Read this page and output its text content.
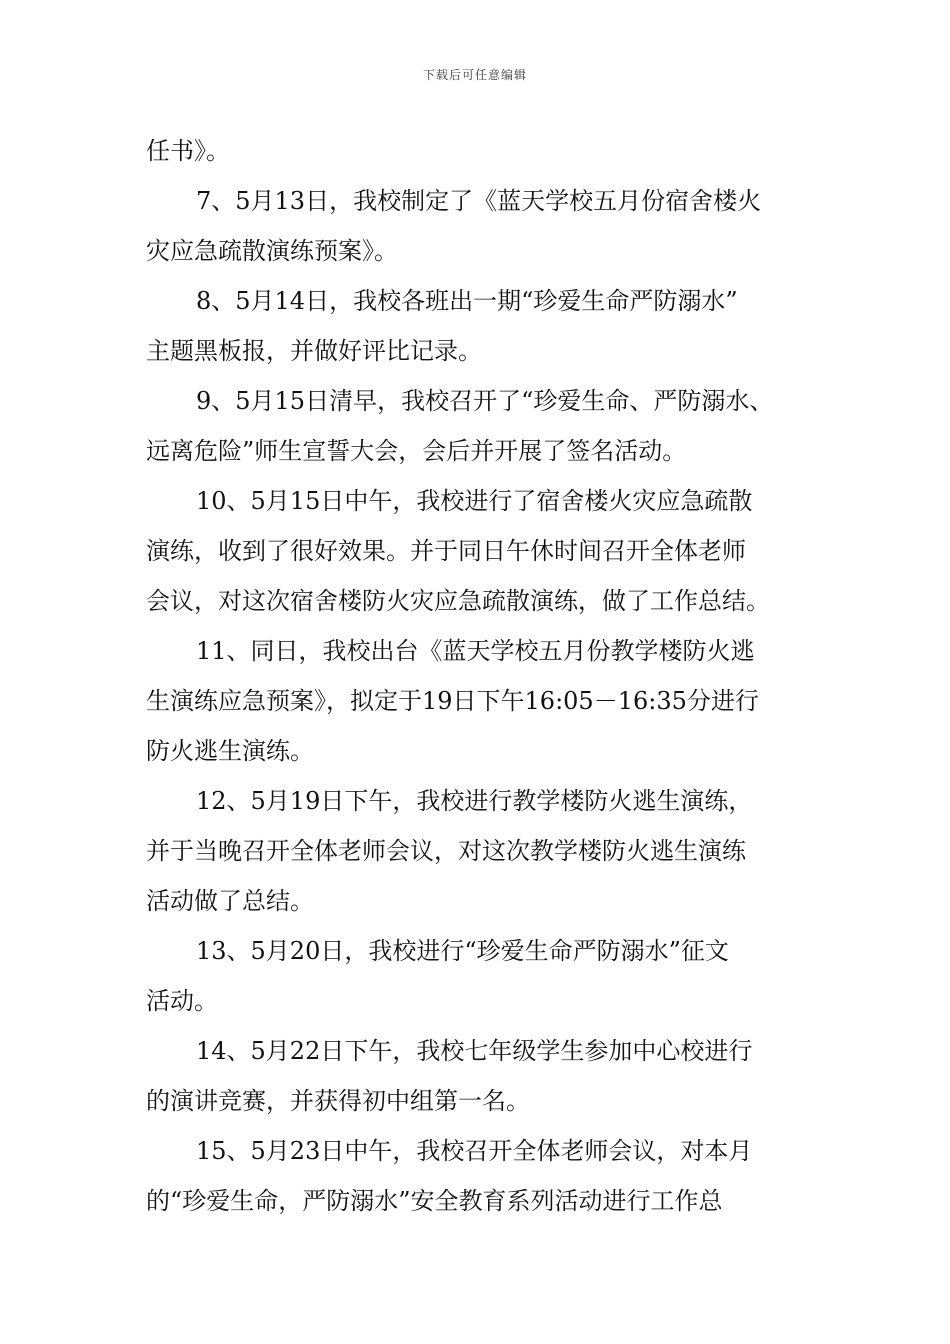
下载后可任意编辑
任书》。
7、5月13日，我校制定了《蓝天学校五月份宿舍楼火
灾应急疏散演练预案》。
8、5月14日，我校各班出一期“珍爱生命严防溺水”
主题黑板报，并做好评比记录。
9、5月15日清早，我校召开了“珍爱生命、严防溺水、
远离危险”师生宣誓大会，会后并开展了签名活动。
10、5月15日中午，我校进行了宿舍楼火灾应急疏散
演练，收到了很好效果。并于同日午休时间召开全体老师
会议，对这次宿舍楼防火灾应急疏散演练，做了工作总结。
11、同日，我校出台《蓝天学校五月份教学楼防火逃
生演练应急预案》，拟定于19日下午16:05－16:35分进行
防火逃生演练。
12、5月19日下午，我校进行教学楼防火逃生演练，
并于当晚召开全体老师会议，对这次教学楼防火逃生演练
活动做了总结。
13、5月20日，我校进行“珍爱生命严防溺水”征文
活动。
14、5月22日下午，我校七年级学生参加中心校进行
的演讲竞赛，并获得初中组第一名。
15、5月23日中午，我校召开全体老师会议，对本月
的“珍爱生命，严防溺水”安全教育系列活动进行工作总
